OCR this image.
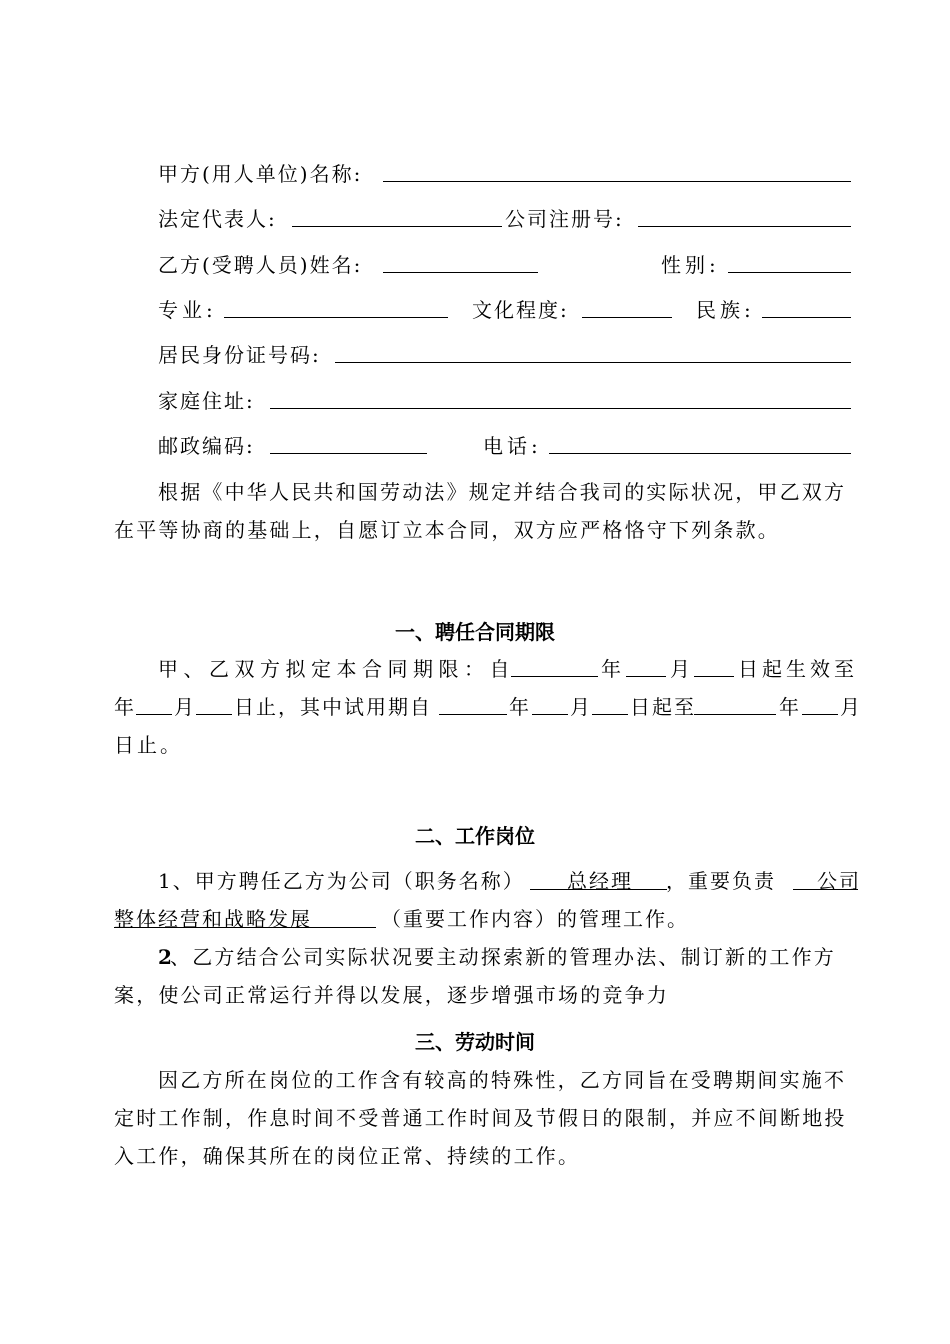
甲方(用人单位)名称:
法定代表人:	公司注册号:
乙方(受聘人员)姓名:	性别:
专业:	文化程度:	民族:
居民身份证号码:
家庭住址:
邮政编码:	电话:
根据《中华人民共和国劳动法》规定并结合我司的实际状况，甲乙双方
在平等协商的基础上，自愿订立本合同，双方应严格恪守下列条款。
一、聘任合同期限
甲、乙双方拟定本合同期限：自	年 月 日起生效至
年 月 日止，其中试用期自	年 月 日起至	年 月
日止。
二、工作岗位
1、甲方聘任乙方为公司（职务名称） 总经理 ，重要负责 公司
整体经营和战略发展	（重要工作内容）的管理工作。
2
、乙方结合公司实际状况要主动探索新的管理办法、制订新的工作方
案，使公司正常运行并得以发展，逐步增强市场的竞争力
三、劳动时间
因乙方所在岗位的工作含有较高的特殊性，乙方同旨在受聘期间实施不
定时工作制，作息时间不受普通工作时间及节假日的限制，并应不间断地投
入工作，确保其所在的岗位正常、持续的工作。
